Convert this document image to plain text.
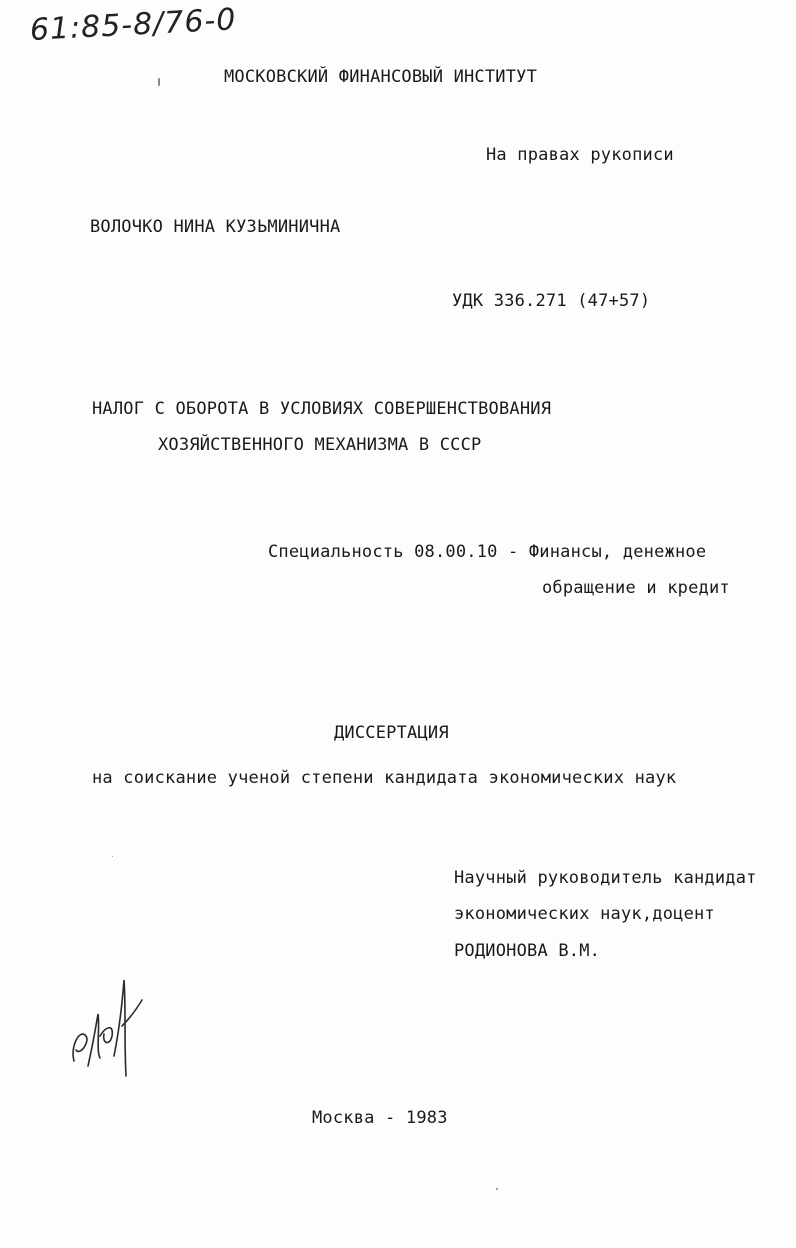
61:85-8/76-0
МОСКОВСКИЙ ФИНАНСОВЫЙ ИНСТИТУТ
На правах рукописи
ВОЛОЧКО НИНА КУЗЬМИНИЧНА
УДК 336.271 (47+57)
НАЛОГ С ОБОРОТА В УСЛОВИЯХ СОВЕРШЕНСТВОВАНИЯ
ХОЗЯЙСТВЕННОГО МЕХАНИЗМА В СССР
Специальность 08.00.10 - Финансы, денежное
обращение и кредит
ДИССЕРТАЦИЯ
на соискание ученой степени кандидата экономических наук
Научный руководитель кандидат
экономических наук,доцент
РОДИОНОВА В.М.
Москва - 1983
